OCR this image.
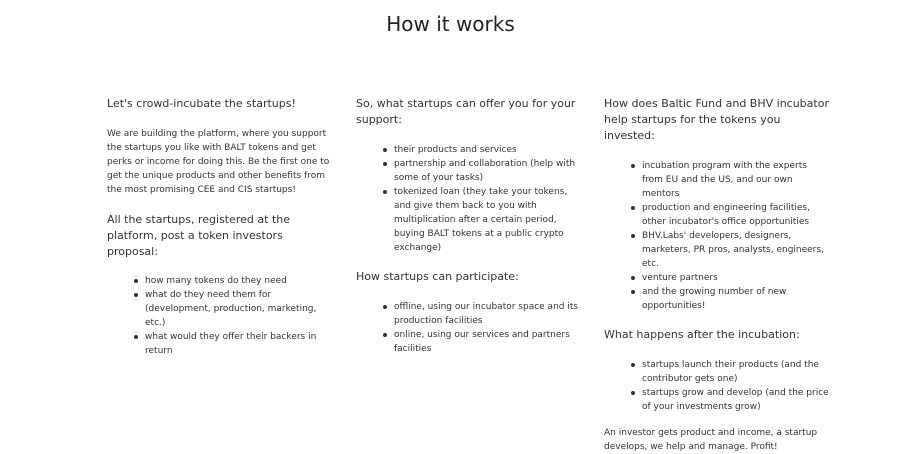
How it works

Let's crowd-incubate the startups!

We are building the platform, where you support the startups you like with BALT tokens and get perks or income for doing this. Be the first one to get the unique products and other benefits from the most promising CEE and CIS startups!

All the startups, registered at the platform, post a token investors proposal:

how many tokens do they need
what do they need them for (development, production, marketing, etc.)
what would they offer their backers in return

So, what startups can offer you for your support:

their products and services
partnership and collaboration (help with some of your tasks)
tokenized loan (they take your tokens, and give them back to you with multiplication after a certain period, buying BALT tokens at a public crypto exchange)

How startups can participate:

offline, using our incubator space and its production facilities
online, using our services and partners facilities

How does Baltic Fund and BHV incubator help startups for the tokens you invested:

incubation program with the experts from EU and the US, and our own mentors
production and engineering facilities, other incubator's office opportunities
BHV.Labs' developers, designers, marketers, PR pros, analysts, engineers, etc.
venture partners
and the growing number of new opportunities!

What happens after the incubation:

startups launch their products (and the contributor gets one)
startups grow and develop (and the price of your investments grow)

An investor gets product and income, a startup develops, we help and manage. Profit!
